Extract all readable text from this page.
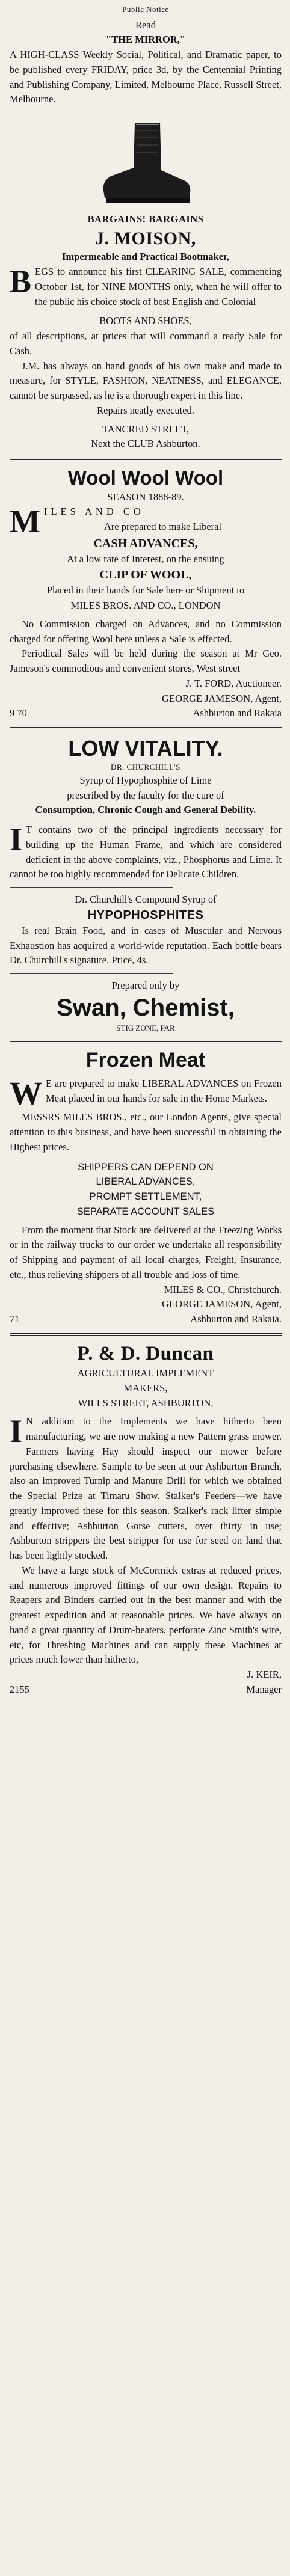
Public Notice
Read
"THE MIRROR,"

A HIGH-CLASS Weekly Social, Political, and Dramatic paper, to be published every FRIDAY, price 3d, by the Centennial Printing and Publishing Company, Limited, Melbourne Place, Russell Street, Melbourne.

BARGAINS! BARGAINS
J. MOISON,
Impermeable and Practical Bootmaker,
B EGS to announce his first CLEARING SALE, commencing October 1st, for NINE MONTHS only, when he will offer to the public his choice stock of best English and Colonial

BOOTS AND SHOES,

of all descriptions, at prices that will command a ready Sale for Cash.

J.M. has always on hand goods of his own make and made to measure, for STYLE, FASHION, NEATNESS, and ELEGANCE, cannot be surpassed, as he is a thorough expert in this line.

Repairs neatly executed.
TANCRED STREET,
Next the CLUB Ashburton.
Wool Wool Wool
SEASON 1888-89.
M ILES AND CO
Are prepared to make Liberal
CASH ADVANCES,
At a low rate of Interest, on the ensuing
CLIP OF WOOL,
Placed in their hands for Sale here or Shipment to
MILES BROS. AND CO., LONDON

No Commission charged on Advances, and no Commission charged for offering Wool here unless a Sale is effected.

Periodical Sales will be held during the season at Mr Geo. Jameson's commodious and convenient stores, West street

J. T. FORD, Auctioneer.
GEORGE JAMESON, Agent,
9 70	Ashburton and Rakaia
LOW VITALITY.
DR. CHURCHILL'S
Syrup of Hypophosphite of Lime
prescribed by the faculty for the cure of
Consumption, Chronic Cough and General Debility.
I T contains two of the principal ingredients necessary for building up the Human Frame, and which are considered deficient in the above complaints, viz., Phosphorus and Lime. It cannot be too highly recommended for Delicate Children.

Dr. Churchill's Compound Syrup of
HYPOPHOSPHITES

Is real Brain Food, and in cases of Muscular and Nervous Exhaustion has acquired a world-wide reputation. Each bottle bears Dr. Churchill's signature. Price, 4s.

Prepared only by
Swan, Chemist,
STIG ZONE, PAR
Frozen Meat
W E are prepared to make LIBERAL ADVANCES on Frozen Meat placed in our hands for sale in the Home Markets.

MESSRS MILES BROS., etc., our London Agents, give special attention to this business, and have been successful in obtaining the Highest prices.

SHIPPERS CAN DEPEND ON
LIBERAL ADVANCES,
PROMPT SETTLEMENT,
SEPARATE ACCOUNT SALES

From the moment that Stock are delivered at the Freezing Works or in the railway trucks to our order we undertake all responsibility of Shipping and payment of all local charges, Freight, Insurance, etc., thus relieving shippers of all trouble and loss of time.

MILES & CO., Christchurch.
GEORGE JAMESON, Agent,
71	Ashburton and Rakaia.
P. & D. Duncan
AGRICULTURAL IMPLEMENT
MAKERS,
WILLS STREET, ASHBURTON.
I N addition to the Implements we have hitherto been manufacturing, we are now making a new Pattern grass mower. Farmers having Hay should inspect our mower before purchasing elsewhere. Sample to be seen at our Ashburton Branch, also an improved Turnip and Manure Drill for which we obtained the Special Prize at Timaru Show. Stalker's Feeders—we have greatly improved these for this season. Stalker's rack lifter simple and effective; Ashburton Gorse cutters, over thirty in use; Ashburton strippers the best stripper for use for seed on land that has been lightly stocked.

We have a large stock of McCormick extras at reduced prices, and numerous improved fittings of our own design. Repairs to Reapers and Binders carried out in the best manner and with the greatest expedition and at reasonable prices. We have always on hand a great quantity of Drum-beaters, perforate Zinc Smith's wire, etc, for Threshing Machines and can supply these Machines at prices much lower than hitherto,

J. KEIR,
2155	Manager
